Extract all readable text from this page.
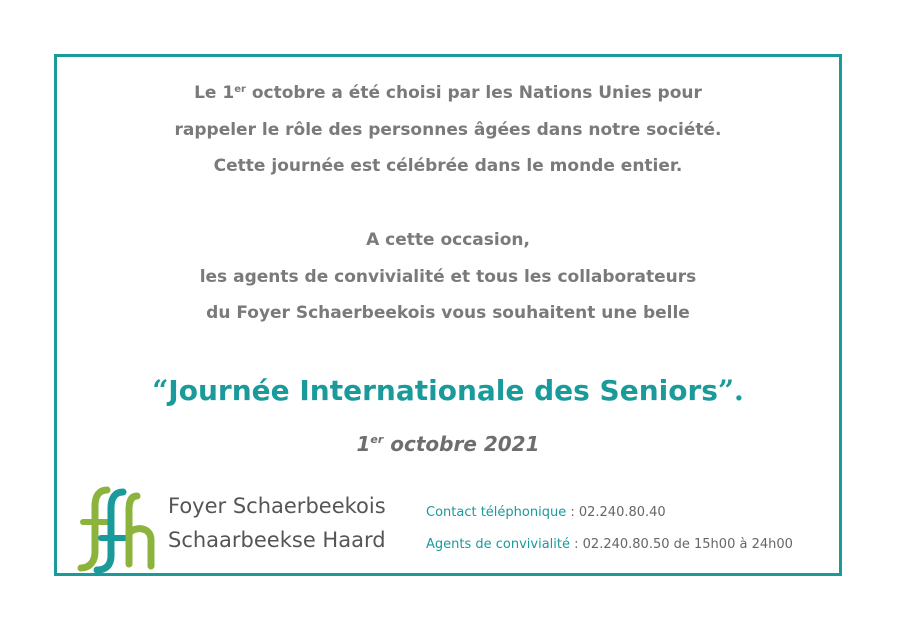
Le 1er octobre a été choisi par les Nations Unies pour
rappeler le rôle des personnes âgées dans notre société.
Cette journée est célébrée dans le monde entier.
A cette occasion,
les agents de convivialité et tous les collaborateurs
du Foyer Schaerbeekois vous souhaitent une belle
“Journée Internationale des Seniors”.
1er octobre 2021
Foyer Schaerbeekois
Schaarbeekse Haard
Contact téléphonique : 02.240.80.40
Agents de convivialité : 02.240.80.50 de 15h00 à 24h00
